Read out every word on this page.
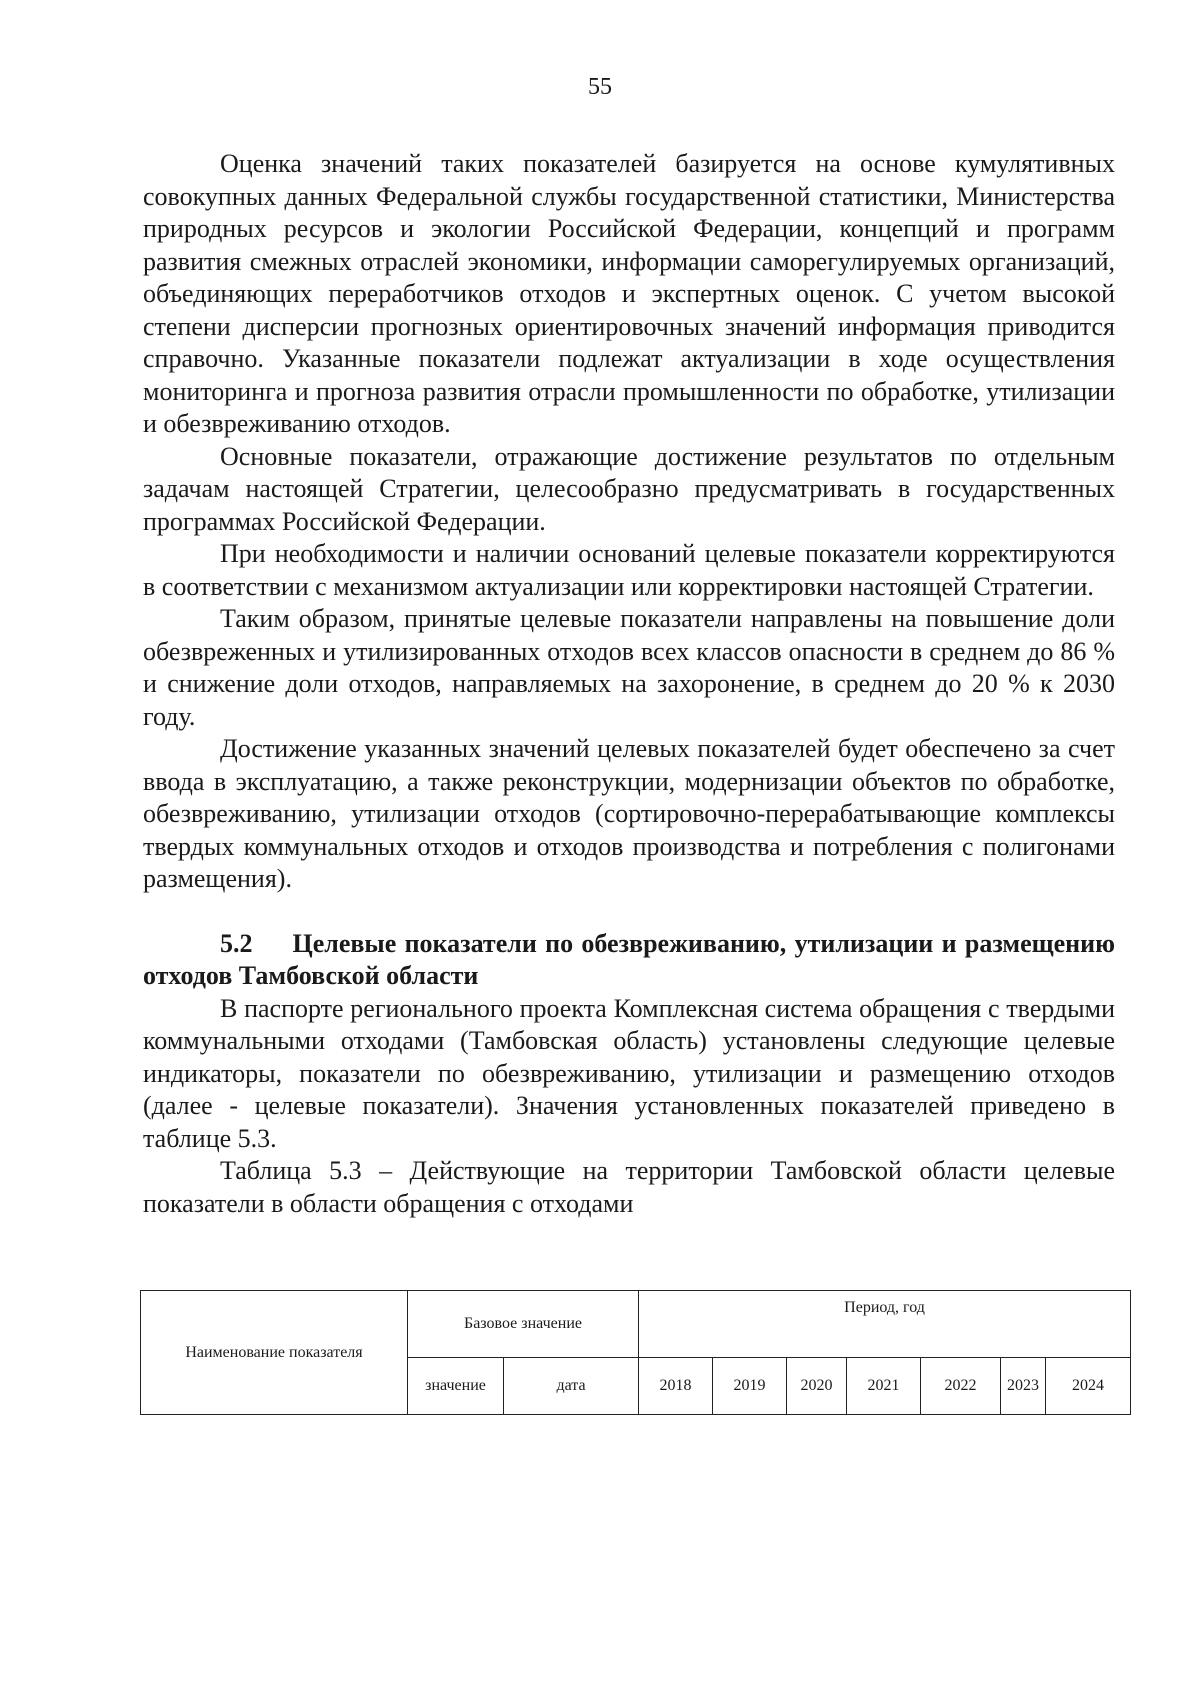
55

Оценка значений таких показателей базируется на основе кумулятивных совокупных данных Федеральной службы государственной статистики, Министерства природных ресурсов и экологии Российской Федерации, концепций и программ развития смежных отраслей экономики, информации саморегулируемых организаций, объединяющих переработчиков отходов и экспертных оценок. С учетом высокой степени дисперсии прогнозных ориентировочных значений информация приводится справочно. Указанные показатели подлежат актуализации в ходе осуществления мониторинга и прогноза развития отрасли промышленности по обработке, утилизации и обезвреживанию отходов.

Основные показатели, отражающие достижение результатов по отдельным задачам настоящей Стратегии, целесообразно предусматривать в государственных программах Российской Федерации.

При необходимости и наличии оснований целевые показатели корректируются в соответствии с механизмом актуализации или корректировки настоящей Стратегии.

Таким образом, принятые целевые показатели направлены на повышение доли обезвреженных и утилизированных отходов всех классов опасности в среднем до 86 % и снижение доли отходов, направляемых на захоронение, в среднем до 20 % к 2030 году.

Достижение указанных значений целевых показателей будет обеспечено за счет ввода в эксплуатацию, а также реконструкции, модернизации объектов по обработке, обезвреживанию, утилизации отходов (сортировочно-перерабатывающие комплексы твердых коммунальных отходов и отходов производства и потребления с полигонами размещения).

5.2 Целевые показатели по обезвреживанию, утилизации и размещению отходов Тамбовской области

В паспорте регионального проекта Комплексная система обращения с твердыми коммунальными отходами (Тамбовская область) установлены следующие целевые индикаторы, показатели по обезвреживанию, утилизации и размещению отходов (далее - целевые показатели). Значения установленных показателей приведено в таблице 5.3.

Таблица 5.3 – Действующие на территории Тамбовской области целевые показатели в области обращения с отходами

Наименование показателя	Базовое значение		Период, год						
	значение	дата	2018	2019	2020	2021	2022	2023	2024
